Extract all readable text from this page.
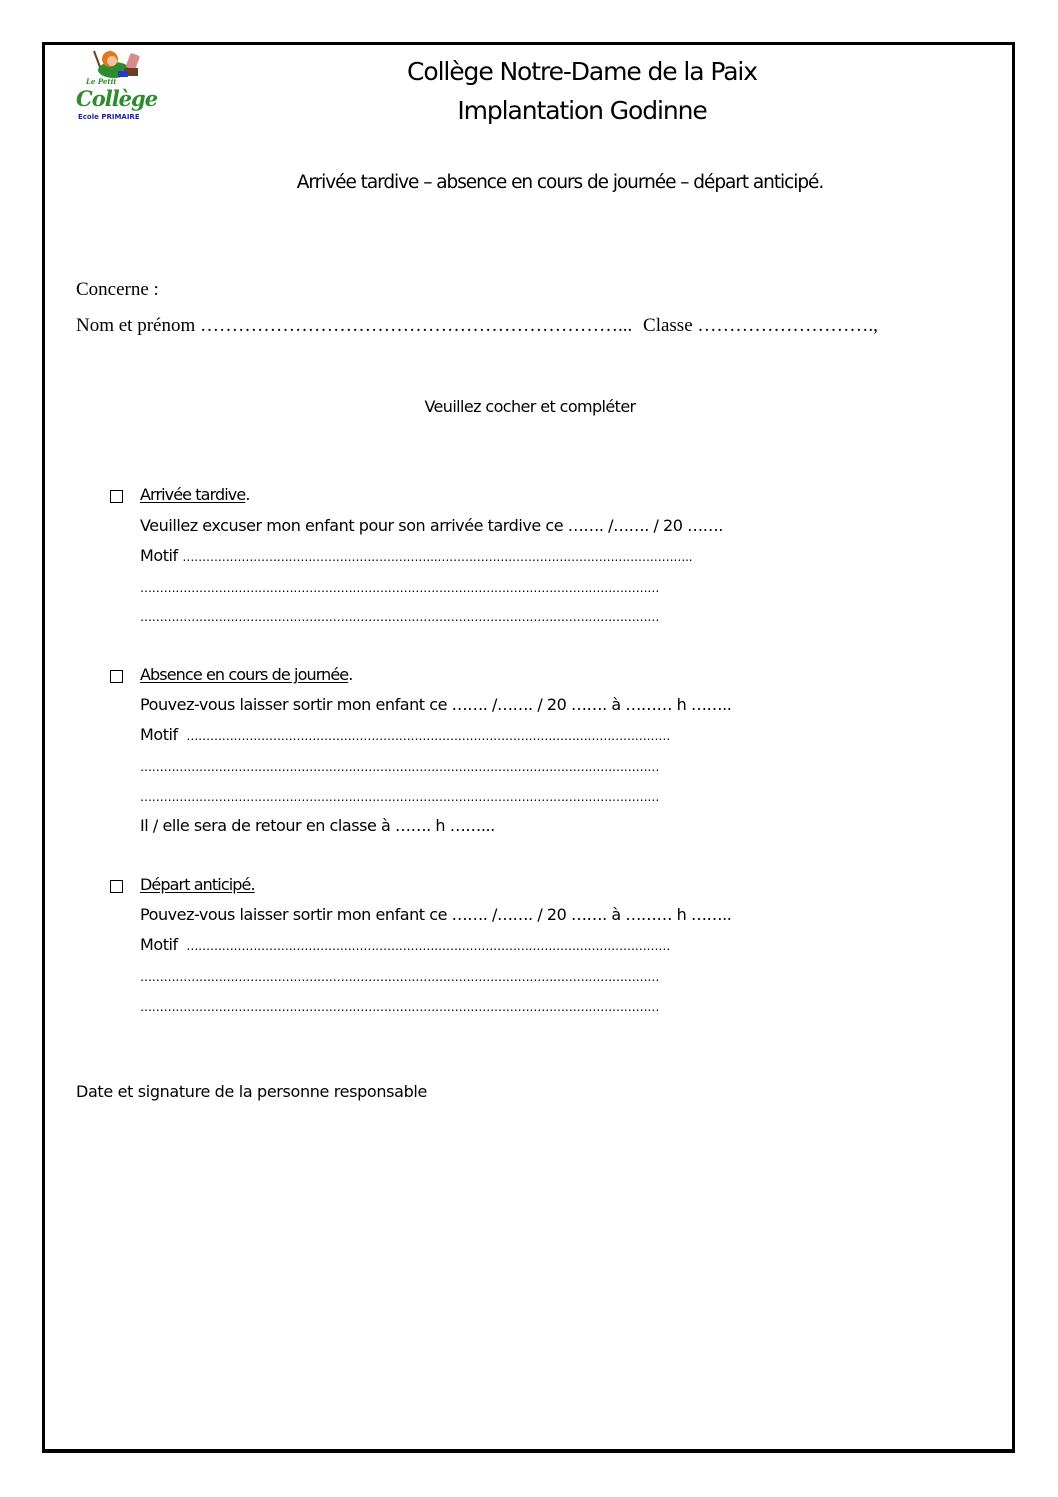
Le Petit
Collège
Ecole PRIMAIRE
Collège Notre-Dame de la Paix
Implantation Godinne
Arrivée tardive – absence en cours de journée – départ anticipé.
Concerne :
Nom et prénom …………………………………………………………... Classe ……………………….,
Veuillez cocher et compléter
Arrivée tardive.
Veuillez excuser mon enfant pour son arrivée tardive ce ……. /……. / 20 …….
Motif ………………………………………………………..………………………………………………………..
……………………………………………………………………………………………………………………
……………………………………………………………………………………………………………………
Absence en cours de journée.
Pouvez-vous laisser sortir mon enfant ce ……. /……. / 20 ……. à ……… h ……..
Motif ……………………………………………………………………………………………………………
……………………………………………………………………………………………………………………
……………………………………………………………………………………………………………………
Il / elle sera de retour en classe à ……. h ……...
Départ anticipé.
Pouvez-vous laisser sortir mon enfant ce ……. /……. / 20 ……. à ……… h ……..
Motif ……………………………………………………………………………………………………………
……………………………………………………………………………………………………………………
……………………………………………………………………………………………………………………
Date et signature de la personne responsable
